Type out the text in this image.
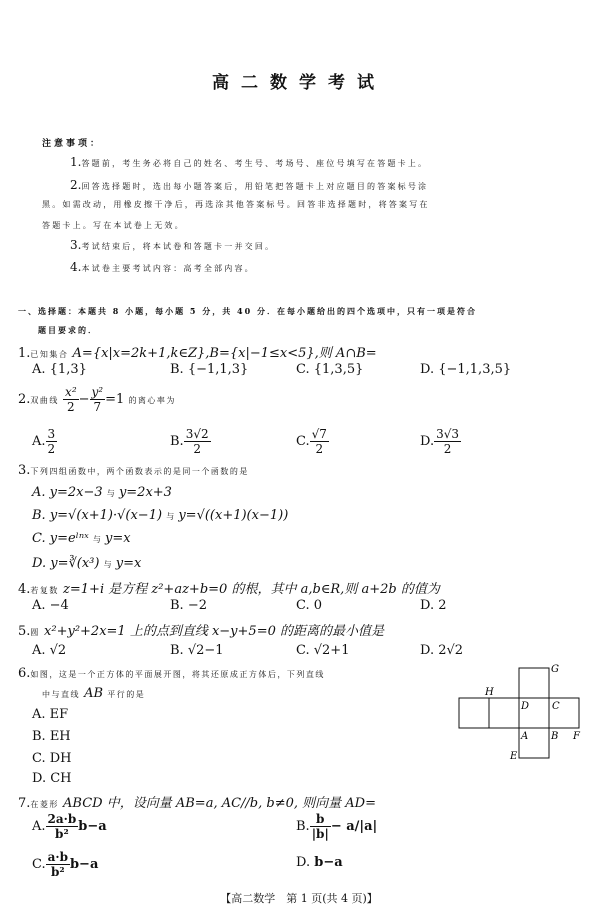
高二数学考试
注意事项：
1.答题前，考生务必将自己的姓名、考生号、考场号、座位号填写在答题卡上。
2.回答选择题时，选出每小题答案后，用铅笔把答题卡上对应题目的答案标号涂
黑。如需改动，用橡皮擦干净后，再选涂其他答案标号。回答非选择题时，将答案写在
答题卡上。写在本试卷上无效。
3.考试结束后，将本试卷和答题卡一并交回。
4.本试卷主要考试内容：高考全部内容。
一、选择题：本题共 8 小题，每小题 5 分，共 40 分．在每小题给出的四个选项中，只有一项是符合
题目要求的．
1.已知集合 A={x|x=2k+1,k∈Z},B={x|−1≤x<5},则 A∩B=
A. {1,3}	B. {−1,1,3}	C. {1,3,5}	D. {−1,1,3,5}
2.双曲线 $\frac{\text{x²}}{2} - \frac{\text{y²}}{7} =1$ 的离心率为
A. $\frac{3}{2}$	B. $\frac{3√2}{2}$	C. $\frac{√7}{2}$	D. $\frac{3√3}{2}$
3.下列四组函数中，两个函数表示的是同一个函数的是
A. y=2x−3 与 y=2x+3
B. y=√(x+1)·√(x−1) 与 y=√((x+1)(x−1))
C. y=eˡⁿˣ 与 y=x
D. y=∛(x³) 与 y=x
4.若复数 z=1+i 是方程 z²+az+b=0 的根，其中 a,b∈R,则 a+2b 的值为
A. −4	B. −2	C. 0	D. 2
5.圆 x²+y²+2x=1 上的点到直线 x−y+5=0 的距离的最小值是
A. √2	B. √2−1	C. √2+1	D. 2√2
6.如图，这是一个正方体的平面展开图，将其还原成正方体后，下列直线
中与直线 AB 平行的是
A. EF
B. EH
C. DH
D. CH
G
H
D C
A B F
E
7.在菱形 ABCD 中，设向量 AB=a, AC//b, b≠0, 则向量 AD=
A. $\frac{2a\cdot b}{\text{b²}} b-a$	B. $\frac{b}{|b|} - a/|a|$
C. $\frac{a\cdot b}{\text{b²}} b-a$	D. b−a
【高二数学　第 1 页(共 4 页)】
